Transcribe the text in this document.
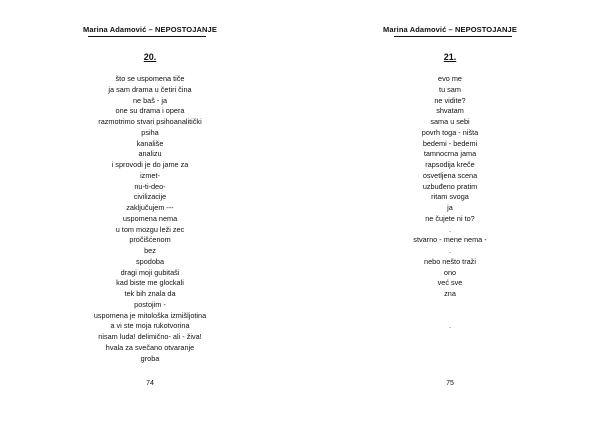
Marina Adamović – NEPOSTOJANJE
20.
što se uspomena tiče
ja sam drama u četiri čina
ne baš - ja
one su drama i opera
razmotrimo stvari psihoanalitički
psiha
kanališe
analizu
i sprovodi je do jame za
izmet-
nu-ti-deo-
civilizacije
zaključujem ---
uspomena nema
u tom mozgu leži zec
pročišćenom
bez
spodoba
dragi moji gubitaši
kad biste me glockali
tek bih znala da
postojim -
uspomena je mitološka izmišljotina
a vi ste moja rukotvorina
nisam luda! delimično- ali - živa!
hvala za svečano otvaranje
groba
74
Marina Adamović – NEPOSTOJANJE
21.
evo me
tu sam
ne vidite?
shvatam
sama u sebi
povrh toga - ništa
bedemi - bedemi
tamnocrna jama
rapsodija kreče
osvetljena scena
uzbuđeno pratim
ritam svoga
ja
ne čujete ni to?
.
stvarno - mene nema -
.
nebo nešto traži
ono
već sve
zna
.
75
